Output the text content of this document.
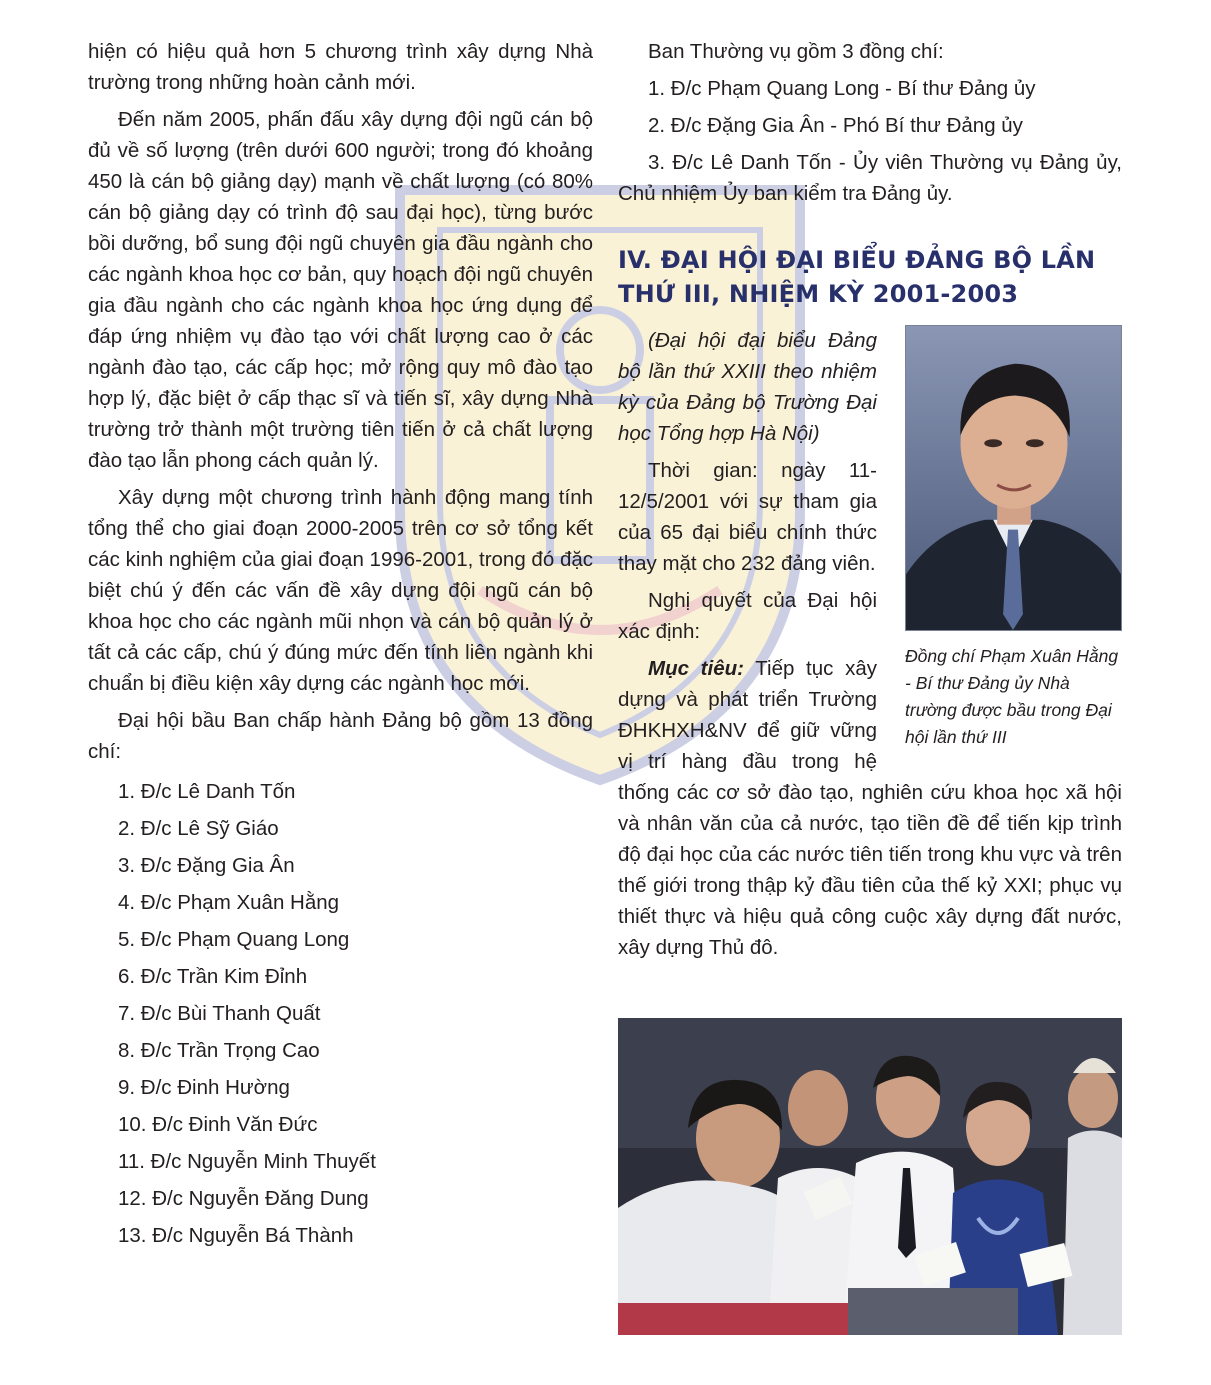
hiện có hiệu quả hơn 5 chương trình xây dựng Nhà trường trong những hoàn cảnh mới.

Đến năm 2005, phấn đấu xây dựng đội ngũ cán bộ đủ về số lượng (trên dưới 600 người; trong đó khoảng 450 là cán bộ giảng dạy) mạnh về chất lượng (có 80% cán bộ giảng dạy có trình độ sau đại học), từng bước bồi dưỡng, bổ sung đội ngũ chuyên gia đầu ngành cho các ngành khoa học cơ bản, quy hoạch đội ngũ chuyên gia đầu ngành cho các ngành khoa học ứng dụng để đáp ứng nhiệm vụ đào tạo với chất lượng cao ở các ngành đào tạo, các cấp học; mở rộng quy mô đào tạo hợp lý, đặc biệt ở cấp thạc sĩ và tiến sĩ, xây dựng Nhà trường trở thành một trường tiên tiến ở cả chất lượng đào tạo lẫn phong cách quản lý.

Xây dựng một chương trình hành động mang tính tổng thể cho giai đoạn 2000-2005 trên cơ sở tổng kết các kinh nghiệm của giai đoạn 1996-2001, trong đó đặc biệt chú ý đến các vấn đề xây dựng đội ngũ cán bộ khoa học cho các ngành mũi nhọn và cán bộ quản lý ở tất cả các cấp, chú ý đúng mức đến tính liên ngành khi chuẩn bị điều kiện xây dựng các ngành học mới.

Đại hội bầu Ban chấp hành Đảng bộ gồm 13 đồng chí:

1. Đ/c Lê Danh Tốn
2. Đ/c Lê Sỹ Giáo
3. Đ/c Đặng Gia Ân
4. Đ/c Phạm Xuân Hằng
5. Đ/c Phạm Quang Long
6. Đ/c Trần Kim Đỉnh
7. Đ/c Bùi Thanh Quất
8. Đ/c Trần Trọng Cao
9. Đ/c Đinh Hường
10. Đ/c Đinh Văn Đức
11. Đ/c Nguyễn Minh Thuyết
12. Đ/c Nguyễn Đăng Dung
13. Đ/c Nguyễn Bá Thành

Ban Thường vụ gồm 3 đồng chí:

1. Đ/c Phạm Quang Long - Bí thư Đảng ủy

2. Đ/c Đặng Gia Ân - Phó Bí thư Đảng ủy

3. Đ/c Lê Danh Tốn - Ủy viên Thường vụ Đảng ủy, Chủ nhiệm Ủy ban kiểm tra Đảng ủy.

IV. ĐẠI HỘI ĐẠI BIỂU ĐẢNG BỘ LẦN THỨ III, NHIỆM KỲ 2001-2003
Đồng chí Phạm Xuân Hằng - Bí thư Đảng ủy Nhà trường được bầu trong Đại hội lần thứ III

(Đại hội đại biểu Đảng bộ lần thứ XXIII theo nhiệm kỳ của Đảng bộ Trường Đại học Tổng hợp Hà Nội)

Thời gian: ngày 11-12/5/2001 với sự tham gia của 65 đại biểu chính thức thay mặt cho 232 đảng viên.

Nghị quyết của Đại hội xác định:

Mục tiêu: Tiếp tục xây dựng và phát triển Trường ĐHKHXH&NV để giữ vững vị trí hàng đầu trong hệ thống các cơ sở đào tạo, nghiên cứu khoa học xã hội và nhân văn của cả nước, tạo tiền đề để tiến kịp trình độ đại học của các nước tiên tiến trong khu vực và trên thế giới trong thập kỷ đầu tiên của thế kỷ XXI; phục vụ thiết thực và hiệu quả công cuộc xây dựng đất nước, xây dựng Thủ đô.
